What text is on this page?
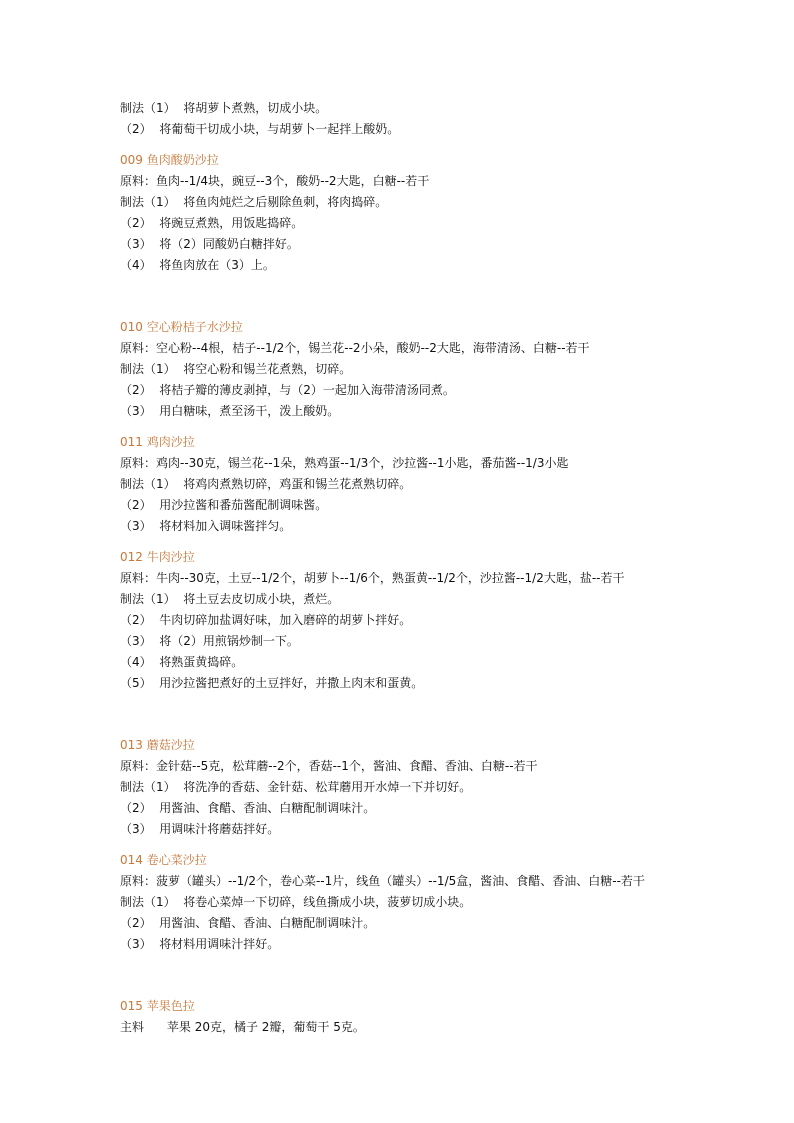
制法（1）  将胡萝卜煮熟，切成小块。
（2）  将葡萄干切成小块，与胡萝卜一起拌上酸奶。
009 鱼肉酸奶沙拉
原料：鱼肉--1/4块，豌豆--3个，酸奶--2大匙，白糖--若干
制法（1）  将鱼肉炖烂之后剔除鱼刺，将肉捣碎。
（2）  将豌豆煮熟，用饭匙捣碎。
（3）  将（2）同酸奶白糖拌好。
（4）  将鱼肉放在（3）上。
010 空心粉桔子水沙拉
原料：空心粉--4根，桔子--1/2个，锡兰花--2小朵，酸奶--2大匙，海带清汤、白糖--若干
制法（1）  将空心粉和锡兰花煮熟，切碎。
（2）  将桔子瓣的薄皮剥掉，与（2）一起加入海带清汤同煮。
（3）  用白糖味，煮至汤干，泼上酸奶。
011 鸡肉沙拉
原料：鸡肉--30克，锡兰花--1朵，熟鸡蛋--1/3个，沙拉酱--1小匙，番茄酱--1/3小匙
制法（1）  将鸡肉煮熟切碎，鸡蛋和锡兰花煮熟切碎。
（2）  用沙拉酱和番茄酱配制调味酱。
（3）  将材料加入调味酱拌匀。
012 牛肉沙拉
原料：牛肉--30克，土豆--1/2个，胡萝卜--1/6个，熟蛋黄--1/2个，沙拉酱--1/2大匙，盐--若干
制法（1）  将土豆去皮切成小块，煮烂。
（2）  牛肉切碎加盐调好味，加入磨碎的胡萝卜拌好。
（3）  将（2）用煎锅炒制一下。
（4）  将熟蛋黄捣碎。
（5）  用沙拉酱把煮好的土豆拌好，并撒上肉末和蛋黄。
013 蘑菇沙拉
原料：金针菇--5克，松茸蘑--2个，香菇--1个，酱油、食醋、香油、白糖--若干
制法（1）  将洗净的香菇、金针菇、松茸蘑用开水焯一下并切好。
（2）  用酱油、食醋、香油、白糖配制调味汁。
（3）  用调味汁将蘑菇拌好。
014 卷心菜沙拉
原料：菠萝（罐头）--1/2个，卷心菜--1片，线鱼（罐头）--1/5盒，酱油、食醋、香油、白糖--若干
制法（1）  将卷心菜焯一下切碎，线鱼撕成小块，菠萝切成小块。
（2）  用酱油、食醋、香油、白糖配制调味汁。
（3）  将材料用调味汁拌好。
015 苹果色拉
主料      苹果 20克，橘子 2瓣，葡萄干 5克。
